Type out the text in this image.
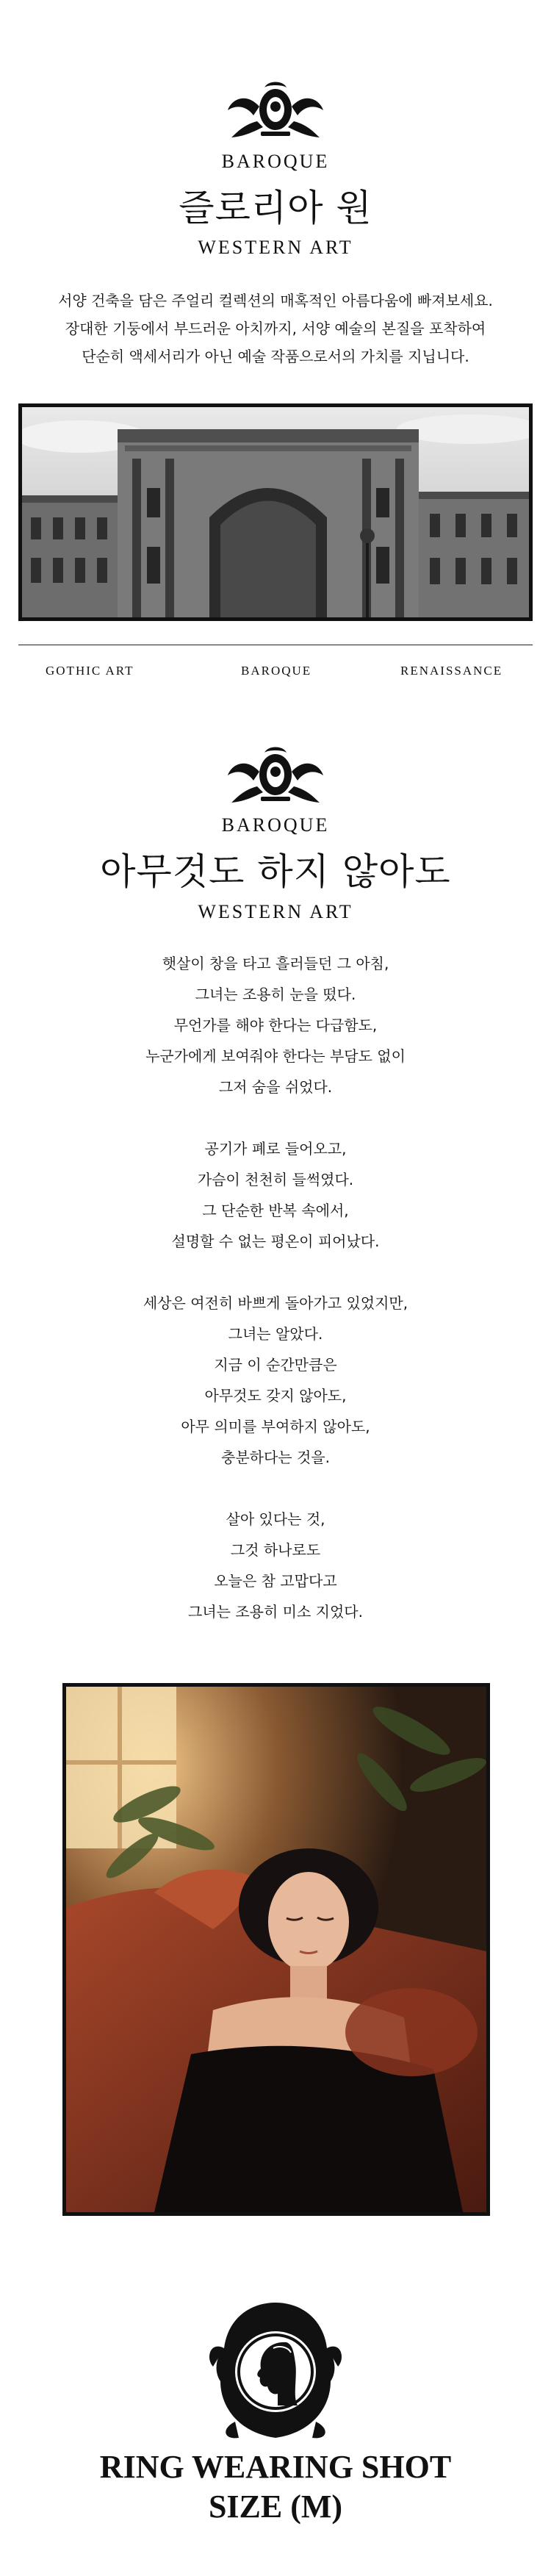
BAROQUE
즐로리아 원
WESTERN ART
서양 건축을 담은 주얼리 컬렉션의 매혹적인 아름다움에 빠져보세요.
장대한 기둥에서 부드러운 아치까지, 서양 예술의 본질을 포착하여
단순히 액세서리가 아닌 예술 작품으로서의 가치를 지닙니다.
GOTHIC ART	BAROQUE	RENAISSANCE
BAROQUE
아무것도 하지 않아도
WESTERN ART
햇살이 창을 타고 흘러들던 그 아침,
그녀는 조용히 눈을 떴다.
무언가를 해야 한다는 다급함도,
누군가에게 보여줘야 한다는 부담도 없이
그저 숨을 쉬었다.
공기가 폐로 들어오고,
가슴이 천천히 들썩였다.
그 단순한 반복 속에서,
설명할 수 없는 평온이 피어났다.
세상은 여전히 바쁘게 돌아가고 있었지만,
그녀는 알았다.
지금 이 순간만큼은
아무것도 갖지 않아도,
아무 의미를 부여하지 않아도,
충분하다는 것을.
살아 있다는 것,
그것 하나로도
오늘은 참 고맙다고
그녀는 조용히 미소 지었다.
RING WEARING SHOT
SIZE (M)
